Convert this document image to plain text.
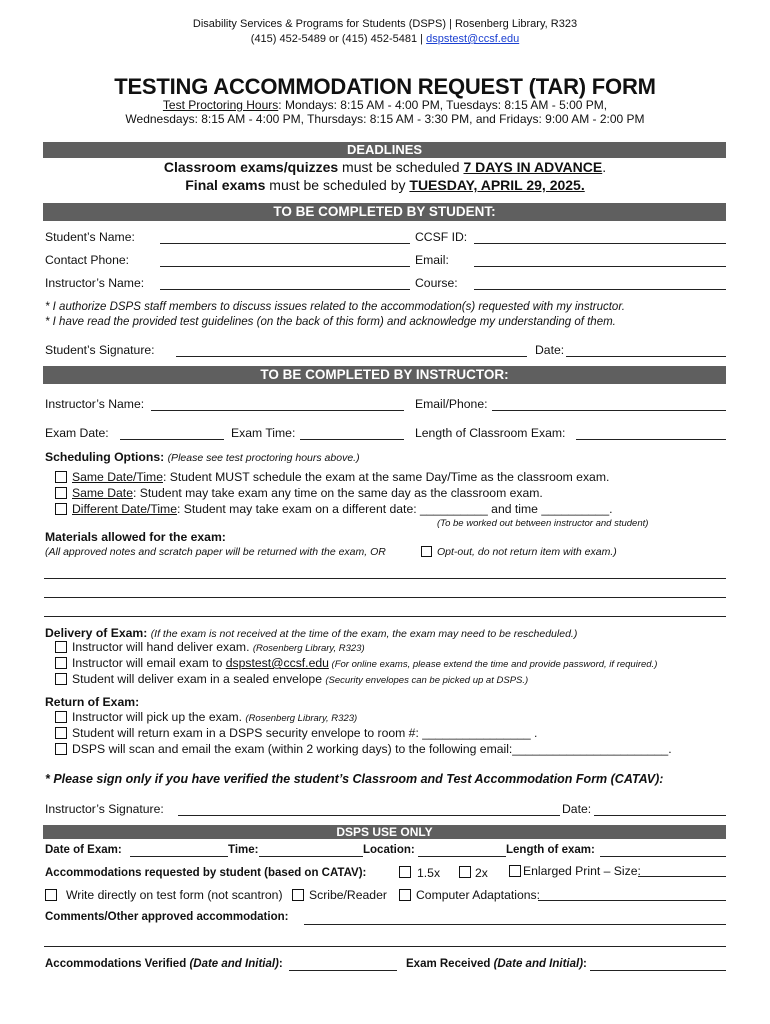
Disability Services & Programs for Students (DSPS) | Rosenberg Library, R323
(415) 452-5489 or (415) 452-5481 | dspstest@ccsf.edu
TESTING ACCOMMODATION REQUEST (TAR) FORM
Test Proctoring Hours: Mondays: 8:15 AM - 4:00 PM, Tuesdays: 8:15 AM - 5:00 PM,
Wednesdays: 8:15 AM - 4:00 PM, Thursdays: 8:15 AM - 3:30 PM, and Fridays: 9:00 AM - 2:00 PM
DEADLINES
Classroom exams/quizzes must be scheduled 7 DAYS IN ADVANCE.
Final exams must be scheduled by TUESDAY, APRIL 29, 2025.
TO BE COMPLETED BY STUDENT:
Student’s Name:	CCSF ID:
Contact Phone:	Email:
Instructor’s Name:	Course:
* I authorize DSPS staff members to discuss issues related to the accommodation(s) requested with my instructor.
* I have read the provided test guidelines (on the back of this form) and acknowledge my understanding of them.
Student’s Signature:	Date:
TO BE COMPLETED BY INSTRUCTOR:
Instructor’s Name:	Email/Phone:
Exam Date:	Exam Time:	Length of Classroom Exam:
Scheduling Options: (Please see test proctoring hours above.)
Same Date/Time: Student MUST schedule the exam at the same Day/Time as the classroom exam.
Same Date: Student may take exam any time on the same day as the classroom exam.
Different Date/Time: Student may take exam on a different date: __________ and time __________.
(To be worked out between instructor and student)
Materials allowed for the exam:
(All approved notes and scratch paper will be returned with the exam, OR	Opt-out, do not return item with exam.)
Delivery of Exam: (If the exam is not received at the time of the exam, the exam may need to be rescheduled.)
Instructor will hand deliver exam. (Rosenberg Library, R323)
Instructor will email exam to dspstest@ccsf.edu (For online exams, please extend the time and provide password, if required.)
Student will deliver exam in a sealed envelope (Security envelopes can be picked up at DSPS.)
Return of Exam:
Instructor will pick up the exam. (Rosenberg Library, R323)
Student will return exam in a DSPS security envelope to room #: ________________ .
DSPS will scan and email the exam (within 2 working days) to the following email:_______________________.
* Please sign only if you have verified the student’s Classroom and Test Accommodation Form (CATAV):
Instructor’s Signature:	Date:
DSPS USE ONLY
Date of Exam:	Time:	Location:	Length of exam:
Accommodations requested by student (based on CATAV):	1.5x	2x	Enlarged Print – Size:
Write directly on test form (not scantron) Scribe/Reader Computer Adaptations:
Comments/Other approved accommodation:
Accommodations Verified (Date and Initial):	Exam Received (Date and Initial):
